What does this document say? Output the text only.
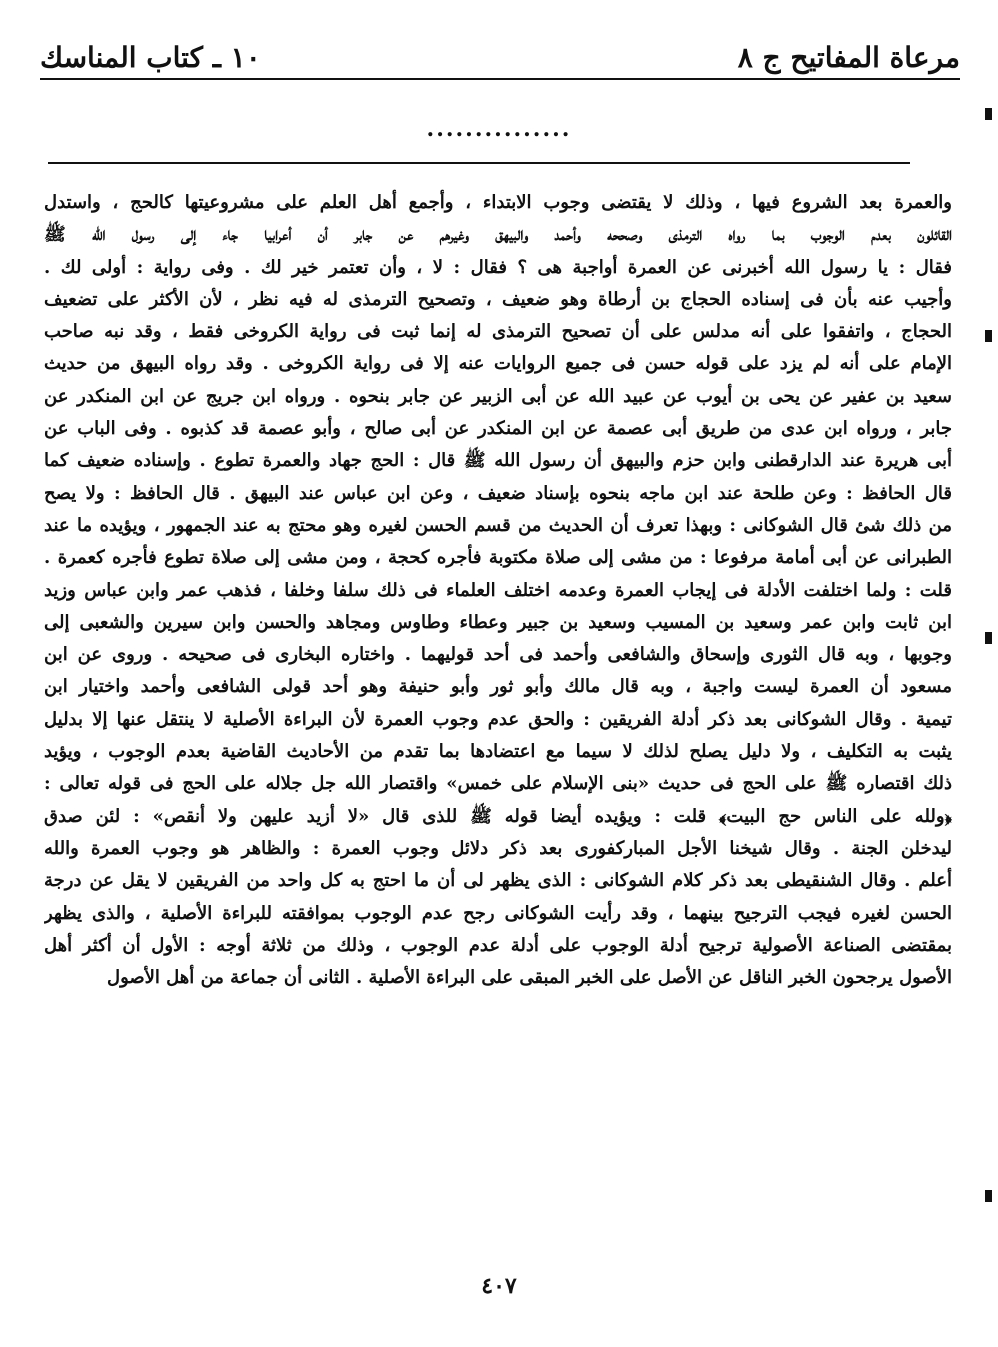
مرعاة المفاتيح ج ٨
١٠ ـ كتاب المناسك
...............
والعمرة بعد الشروع فيها ، وذلك لا يقتضى وجوب الابتداء ، وأجمع أهل العلم على مشروعيتها كالحج ، واستدل
القائلون بعدم الوجوب بما رواه الترمذى وصححه وأحمد والبيهق وغيرهم عن جابر أن أعرابيا جاء إلى رسول الله ﷺ
فقال : يا رسول الله أخبرنى عن العمرة أواجبة هى ؟ فقال : لا ، وأن تعتمر خير لك . وفى رواية : أولى لك .
وأجيب عنه بأن فى إسناده الحجاج بن أرطاة وهو ضعيف ، وتصحيح الترمذى له فيه نظر ، لأن الأكثر على تضعيف
الحجاج ، واتفقوا على أنه مدلس على أن تصحيح الترمذى له إنما ثبت فى رواية الكروخى فقط ، وقد نبه صاحب
الإمام على أنه لم يزد على قوله حسن فى جميع الروايات عنه إلا فى رواية الكروخى . وقد رواه البيهق من حديث
سعيد بن عفير عن يحى بن أيوب عن عبيد الله عن أبى الزبير عن جابر بنحوه . ورواه ابن جريج عن ابن المنكدر عن
جابر ، ورواه ابن عدى من طريق أبى عصمة عن ابن المنكدر عن أبى صالح ، وأبو عصمة قد كذبوه . وفى الباب عن
أبى هريرة عند الدارقطنى وابن حزم والبيهق أن رسول الله ﷺ قال : الحج جهاد والعمرة تطوع . وإسناده ضعيف كما
قال الحافظ : وعن طلحة عند ابن ماجه بنحوه بإسناد ضعيف ، وعن ابن عباس عند البيهق . قال الحافظ : ولا يصح
من ذلك شئ قال الشوكانى : وبهذا تعرف أن الحديث من قسم الحسن لغيره وهو محتج به عند الجمهور ، ويؤيده ما عند
الطبرانى عن أبى أمامة مرفوعا : من مشى إلى صلاة مكتوبة فأجره كحجة ، ومن مشى إلى صلاة تطوع فأجره كعمرة .
قلت : ولما اختلفت الأدلة فى إيجاب العمرة وعدمه اختلف العلماء فى ذلك سلفا وخلفا ، فذهب عمر وابن عباس وزيد
ابن ثابت وابن عمر وسعيد بن المسيب وسعيد بن جبير وعطاء وطاوس ومجاهد والحسن وابن سيرين والشعبى إلى
وجوبها ، وبه قال الثورى وإسحاق والشافعى وأحمد فى أحد قوليهما . واختاره البخارى فى صحيحه . وروى عن ابن
مسعود أن العمرة ليست واجبة ، وبه قال مالك وأبو ثور وأبو حنيفة وهو أحد قولى الشافعى وأحمد واختيار ابن
تيمية . وقال الشوكانى بعد ذكر أدلة الفريقين : والحق عدم وجوب العمرة لأن البراءة الأصلية لا ينتقل عنها إلا بدليل
يثبت به التكليف ، ولا دليل يصلح لذلك لا سيما مع اعتضادها بما تقدم من الأحاديث القاضية بعدم الوجوب ، ويؤيد
ذلك اقتصاره ﷺ على الحج فى حديث «بنى الإسلام على خمس» واقتصار الله جل جلاله على الحج فى قوله تعالى :
﴿ولله على الناس حج البيت﴾ قلت : ويؤيده أيضا قوله ﷺ للذى قال «لا أزيد عليهن ولا أنقص» : لئن صدق
ليدخلن الجنة . وقال شيخنا الأجل المباركفورى بعد ذكر دلائل وجوب العمرة : والظاهر هو وجوب العمرة والله
أعلم . وقال الشنقيطى بعد ذكر كلام الشوكانى : الذى يظهر لى أن ما احتج به كل واحد من الفريقين لا يقل عن درجة
الحسن لغيره فيجب الترجيح بينهما ، وقد رأيت الشوكانى رجح عدم الوجوب بموافقته للبراءة الأصلية ، والذى يظهر
بمقتضى الصناعة الأصولية ترجيح أدلة الوجوب على أدلة عدم الوجوب ، وذلك من ثلاثة أوجه : الأول أن أكثر أهل
الأصول يرجحون الخبر الناقل عن الأصل على الخبر المبقى على البراءة الأصلية . الثانى أن جماعة من أهل الأصول
٤٠٧
